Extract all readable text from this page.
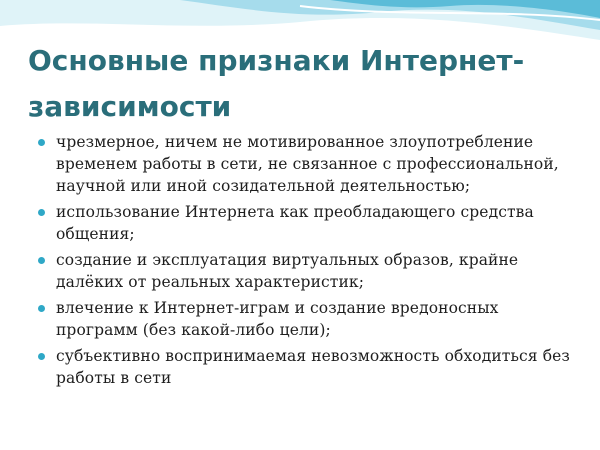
Основные признаки Интернет-зависимости
чрезмерное, ничем не мотивированное злоупотребление временем работы в сети, не связанное с профессиональной, научной или иной созидательной деятельностью;
использование Интернета как преобладающего средства общения;
создание и эксплуатация виртуальных образов, крайне далёких от реальных характеристик;
влечение к Интернет-играм и создание вредоносных программ (без какой-либо цели);
субъективно воспринимаемая невозможность обходиться без работы в сети
